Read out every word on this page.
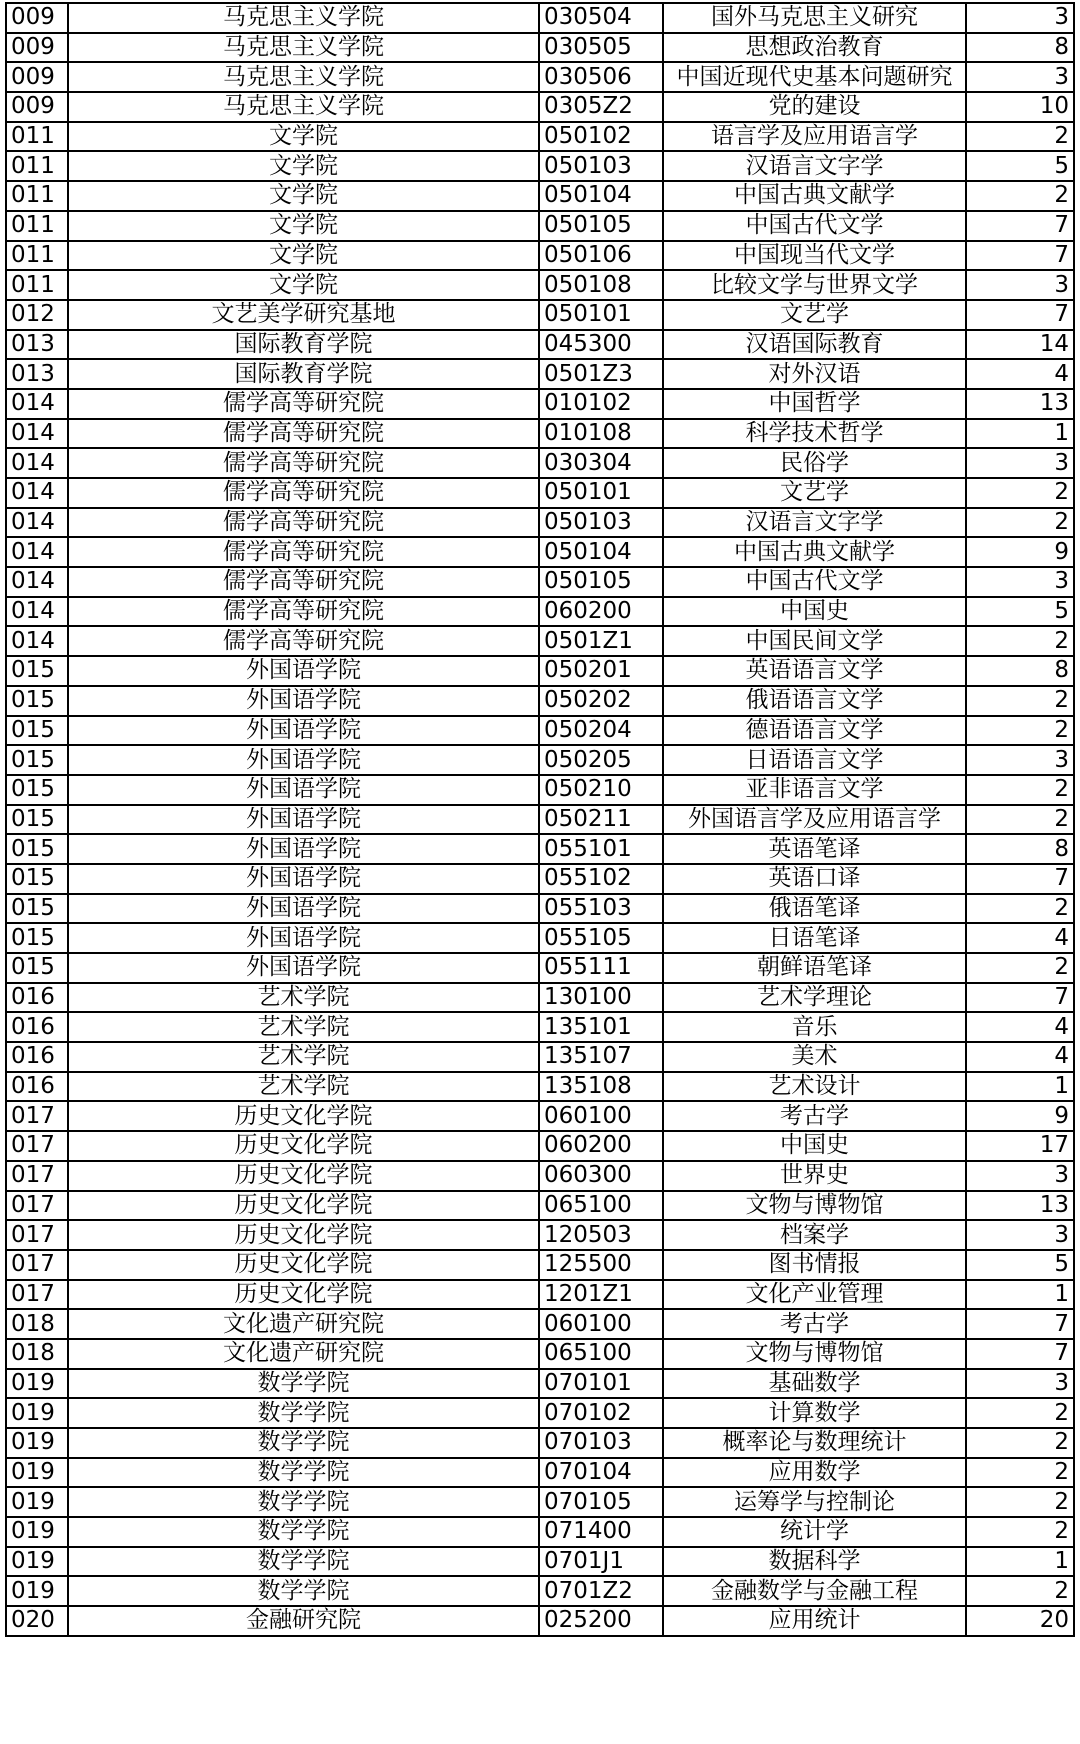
009	马克思主义学院	030504	国外马克思主义研究	3
009	马克思主义学院	030505	思想政治教育	8
009	马克思主义学院	030506	中国近现代史基本问题研究	3
009	马克思主义学院	0305Z2	党的建设	10
011	文学院	050102	语言学及应用语言学	2
011	文学院	050103	汉语言文字学	5
011	文学院	050104	中国古典文献学	2
011	文学院	050105	中国古代文学	7
011	文学院	050106	中国现当代文学	7
011	文学院	050108	比较文学与世界文学	3
012	文艺美学研究基地	050101	文艺学	7
013	国际教育学院	045300	汉语国际教育	14
013	国际教育学院	0501Z3	对外汉语	4
014	儒学高等研究院	010102	中国哲学	13
014	儒学高等研究院	010108	科学技术哲学	1
014	儒学高等研究院	030304	民俗学	3
014	儒学高等研究院	050101	文艺学	2
014	儒学高等研究院	050103	汉语言文字学	2
014	儒学高等研究院	050104	中国古典文献学	9
014	儒学高等研究院	050105	中国古代文学	3
014	儒学高等研究院	060200	中国史	5
014	儒学高等研究院	0501Z1	中国民间文学	2
015	外国语学院	050201	英语语言文学	8
015	外国语学院	050202	俄语语言文学	2
015	外国语学院	050204	德语语言文学	2
015	外国语学院	050205	日语语言文学	3
015	外国语学院	050210	亚非语言文学	2
015	外国语学院	050211	外国语言学及应用语言学	2
015	外国语学院	055101	英语笔译	8
015	外国语学院	055102	英语口译	7
015	外国语学院	055103	俄语笔译	2
015	外国语学院	055105	日语笔译	4
015	外国语学院	055111	朝鲜语笔译	2
016	艺术学院	130100	艺术学理论	7
016	艺术学院	135101	音乐	4
016	艺术学院	135107	美术	4
016	艺术学院	135108	艺术设计	1
017	历史文化学院	060100	考古学	9
017	历史文化学院	060200	中国史	17
017	历史文化学院	060300	世界史	3
017	历史文化学院	065100	文物与博物馆	13
017	历史文化学院	120503	档案学	3
017	历史文化学院	125500	图书情报	5
017	历史文化学院	1201Z1	文化产业管理	1
018	文化遗产研究院	060100	考古学	7
018	文化遗产研究院	065100	文物与博物馆	7
019	数学学院	070101	基础数学	3
019	数学学院	070102	计算数学	2
019	数学学院	070103	概率论与数理统计	2
019	数学学院	070104	应用数学	2
019	数学学院	070105	运筹学与控制论	2
019	数学学院	071400	统计学	2
019	数学学院	0701J1	数据科学	1
019	数学学院	0701Z2	金融数学与金融工程	2
020	金融研究院	025200	应用统计	20
